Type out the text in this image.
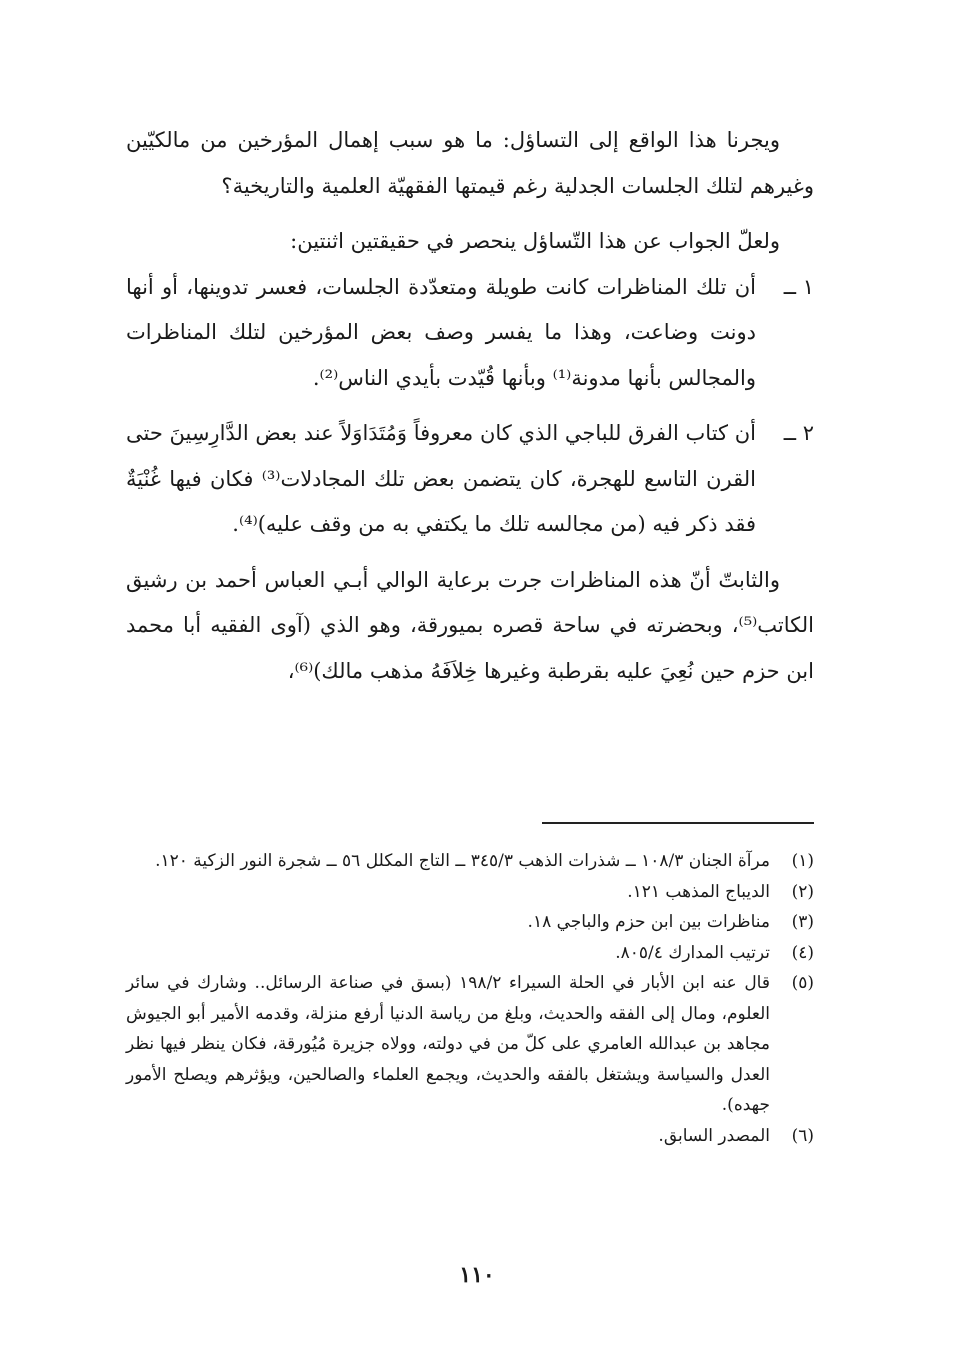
ويجرنا هذا الواقع إلى التساؤل: ما هو سبب إهمال المؤرخين من مالكيّين وغيرهم لتلك الجلسات الجدلية رغم قيمتها الفقهيّة العلمية والتاريخية؟

ولعلّ الجواب عن هذا التّساؤل ينحصر في حقيقتين اثنتين:

١ ــ

أن تلك المناظرات كانت طويلة ومتعدّدة الجلسات، فعسر تدوينها، أو أنها دونت وضاعت، وهذا ما يفسر وصف بعض المؤرخين لتلك المناظرات والمجالس بأنها مدونة⁽¹⁾ وبأنها قُيّدت بأيدي الناس⁽²⁾.

٢ ــ

أن كتاب الفرق للباجي الذي كان معروفاً وَمُتَدَاوَلاً عند بعض الدَّارِسِينَ حتى القرن التاسع للهجرة، كان يتضمن بعض تلك المجادلات⁽³⁾ فكان فيها غُنْيَةٌ فقد ذكر فيه (من مجالسه تلك ما يكتفي به من وقف عليه)⁽⁴⁾.

والثابتّ أنّ هذه المناظرات جرت برعاية الوالي أبـي العباس أحمد بن رشيق الكاتب⁽⁵⁾، وبحضرته في ساحة قصره بميورقة، وهو الذي (آوى الفقيه أبا محمد ابن حزم حين نُعِيَ عليه بقرطبة وغيرها خِلاَفَهُ مذهب مالك)⁽⁶⁾،

(١)
مرآة الجنان ١٠٨/٣ ــ شذرات الذهب ٣٤٥/٣ ــ التاج المكلل ٥٦ ــ شجرة النور الزكية ١٢٠.
(٢)
الديباج المذهب ١٢١.
(٣)
مناظرات بين ابن حزم والباجي ١٨.
(٤)
ترتيب المدارك ٨٠٥/٤.
(٥)
قال عنه ابن الأبار في الحلة السيراء ١٩٨/٢ (بسق في صناعة الرسائل.. وشارك في سائر العلوم، ومال إلى الفقه والحديث، وبلغ من رياسة الدنيا أرفع منزلة، وقدمه الأمير أبو الجيوش مجاهد بن عبدالله العامري على كلّ من في دولته، وولاه جزيرة مُيُورقة، فكان ينظر فيها نظر العدل والسياسة ويشتغل بالفقه والحديث، ويجمع العلماء والصالحين، ويؤثرهم ويصلح الأمور جهده).
(٦)
المصدر السابق.
١١٠
